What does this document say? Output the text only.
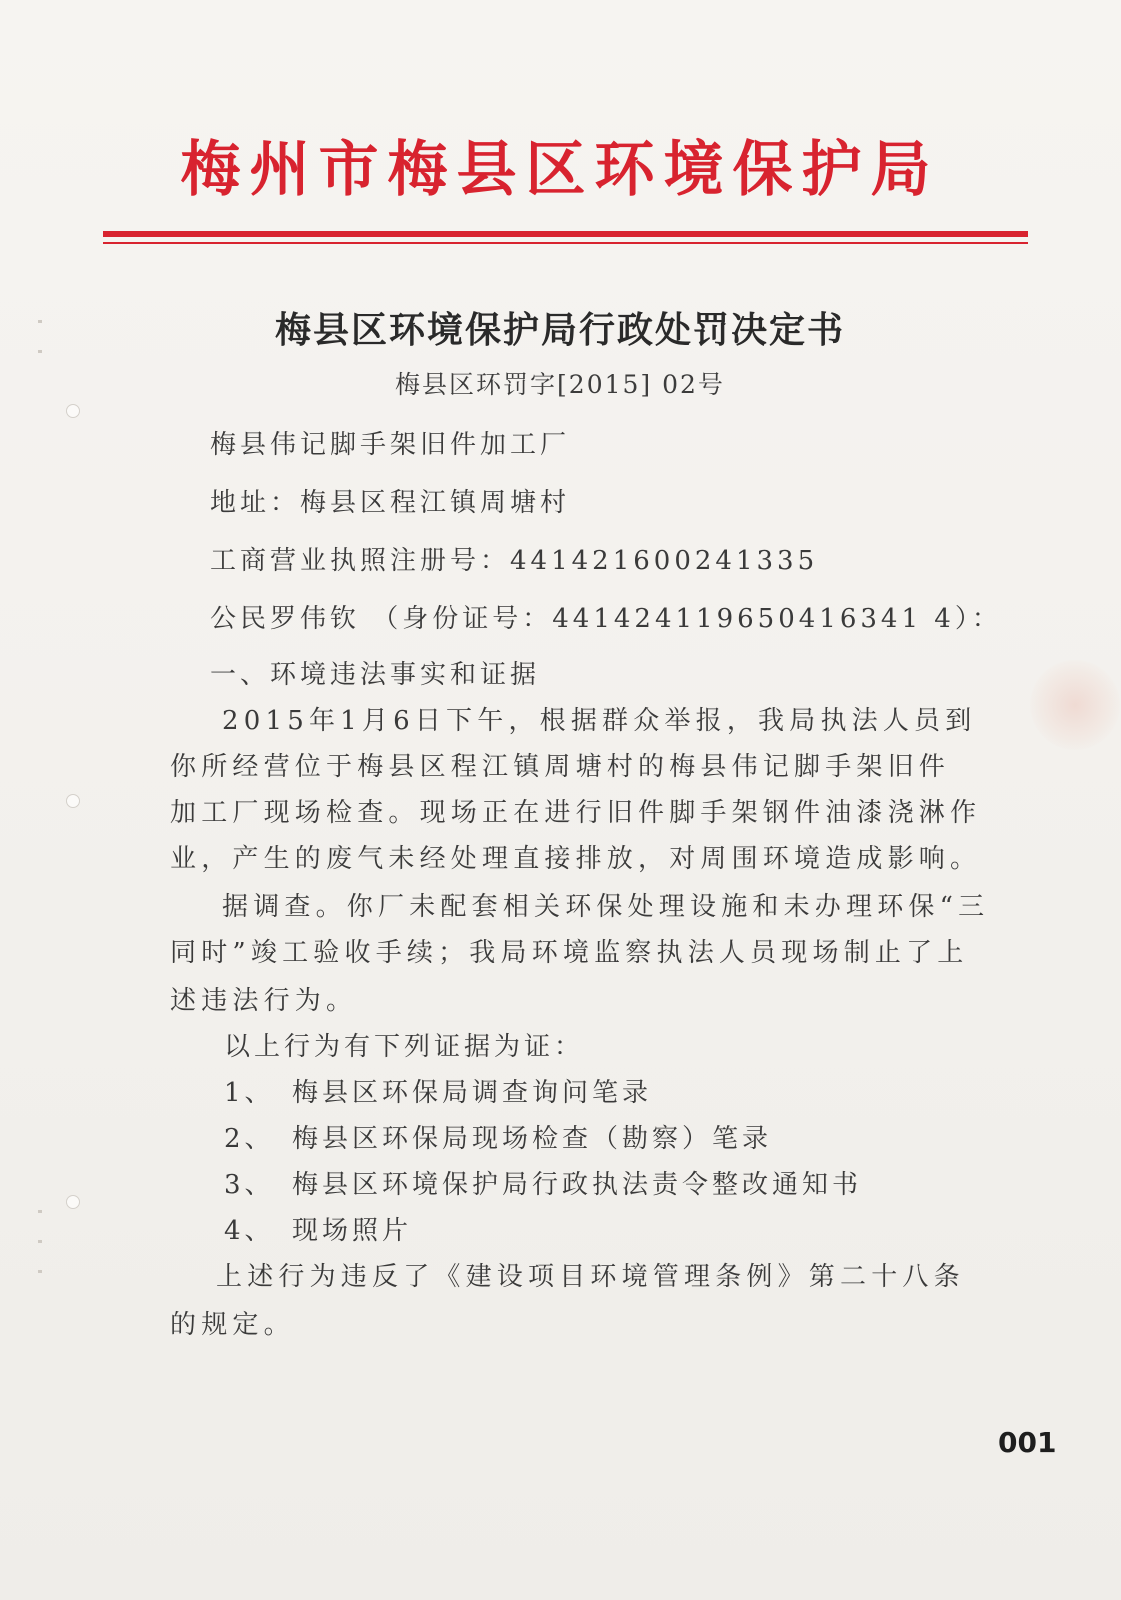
梅州市梅县区环境保护局
梅县区环境保护局行政处罚决定书
梅县区环罚字[2015] 02号
梅县伟记脚手架旧件加工厂
地址：梅县区程江镇周塘村
工商营业执照注册号：441421600241335
公民罗伟钦 （身份证号：441424119650416341 4）：
一、环境违法事实和证据
2015年1月6日下午，根据群众举报，我局执法人员到
你所经营位于梅县区程江镇周塘村的梅县伟记脚手架旧件
加工厂现场检查。现场正在进行旧件脚手架钢件油漆浇淋作
业，产生的废气未经处理直接排放，对周围环境造成影响。
据调查。你厂未配套相关环保处理设施和未办理环保“三
同时”竣工验收手续；我局环境监察执法人员现场制止了上
述违法行为。
以上行为有下列证据为证：
1、 梅县区环保局调查询问笔录
2、 梅县区环保局现场检查（勘察）笔录
3、 梅县区环境保护局行政执法责令整改通知书
4、 现场照片
上述行为违反了《建设项目环境管理条例》第二十八条
的规定。
001
